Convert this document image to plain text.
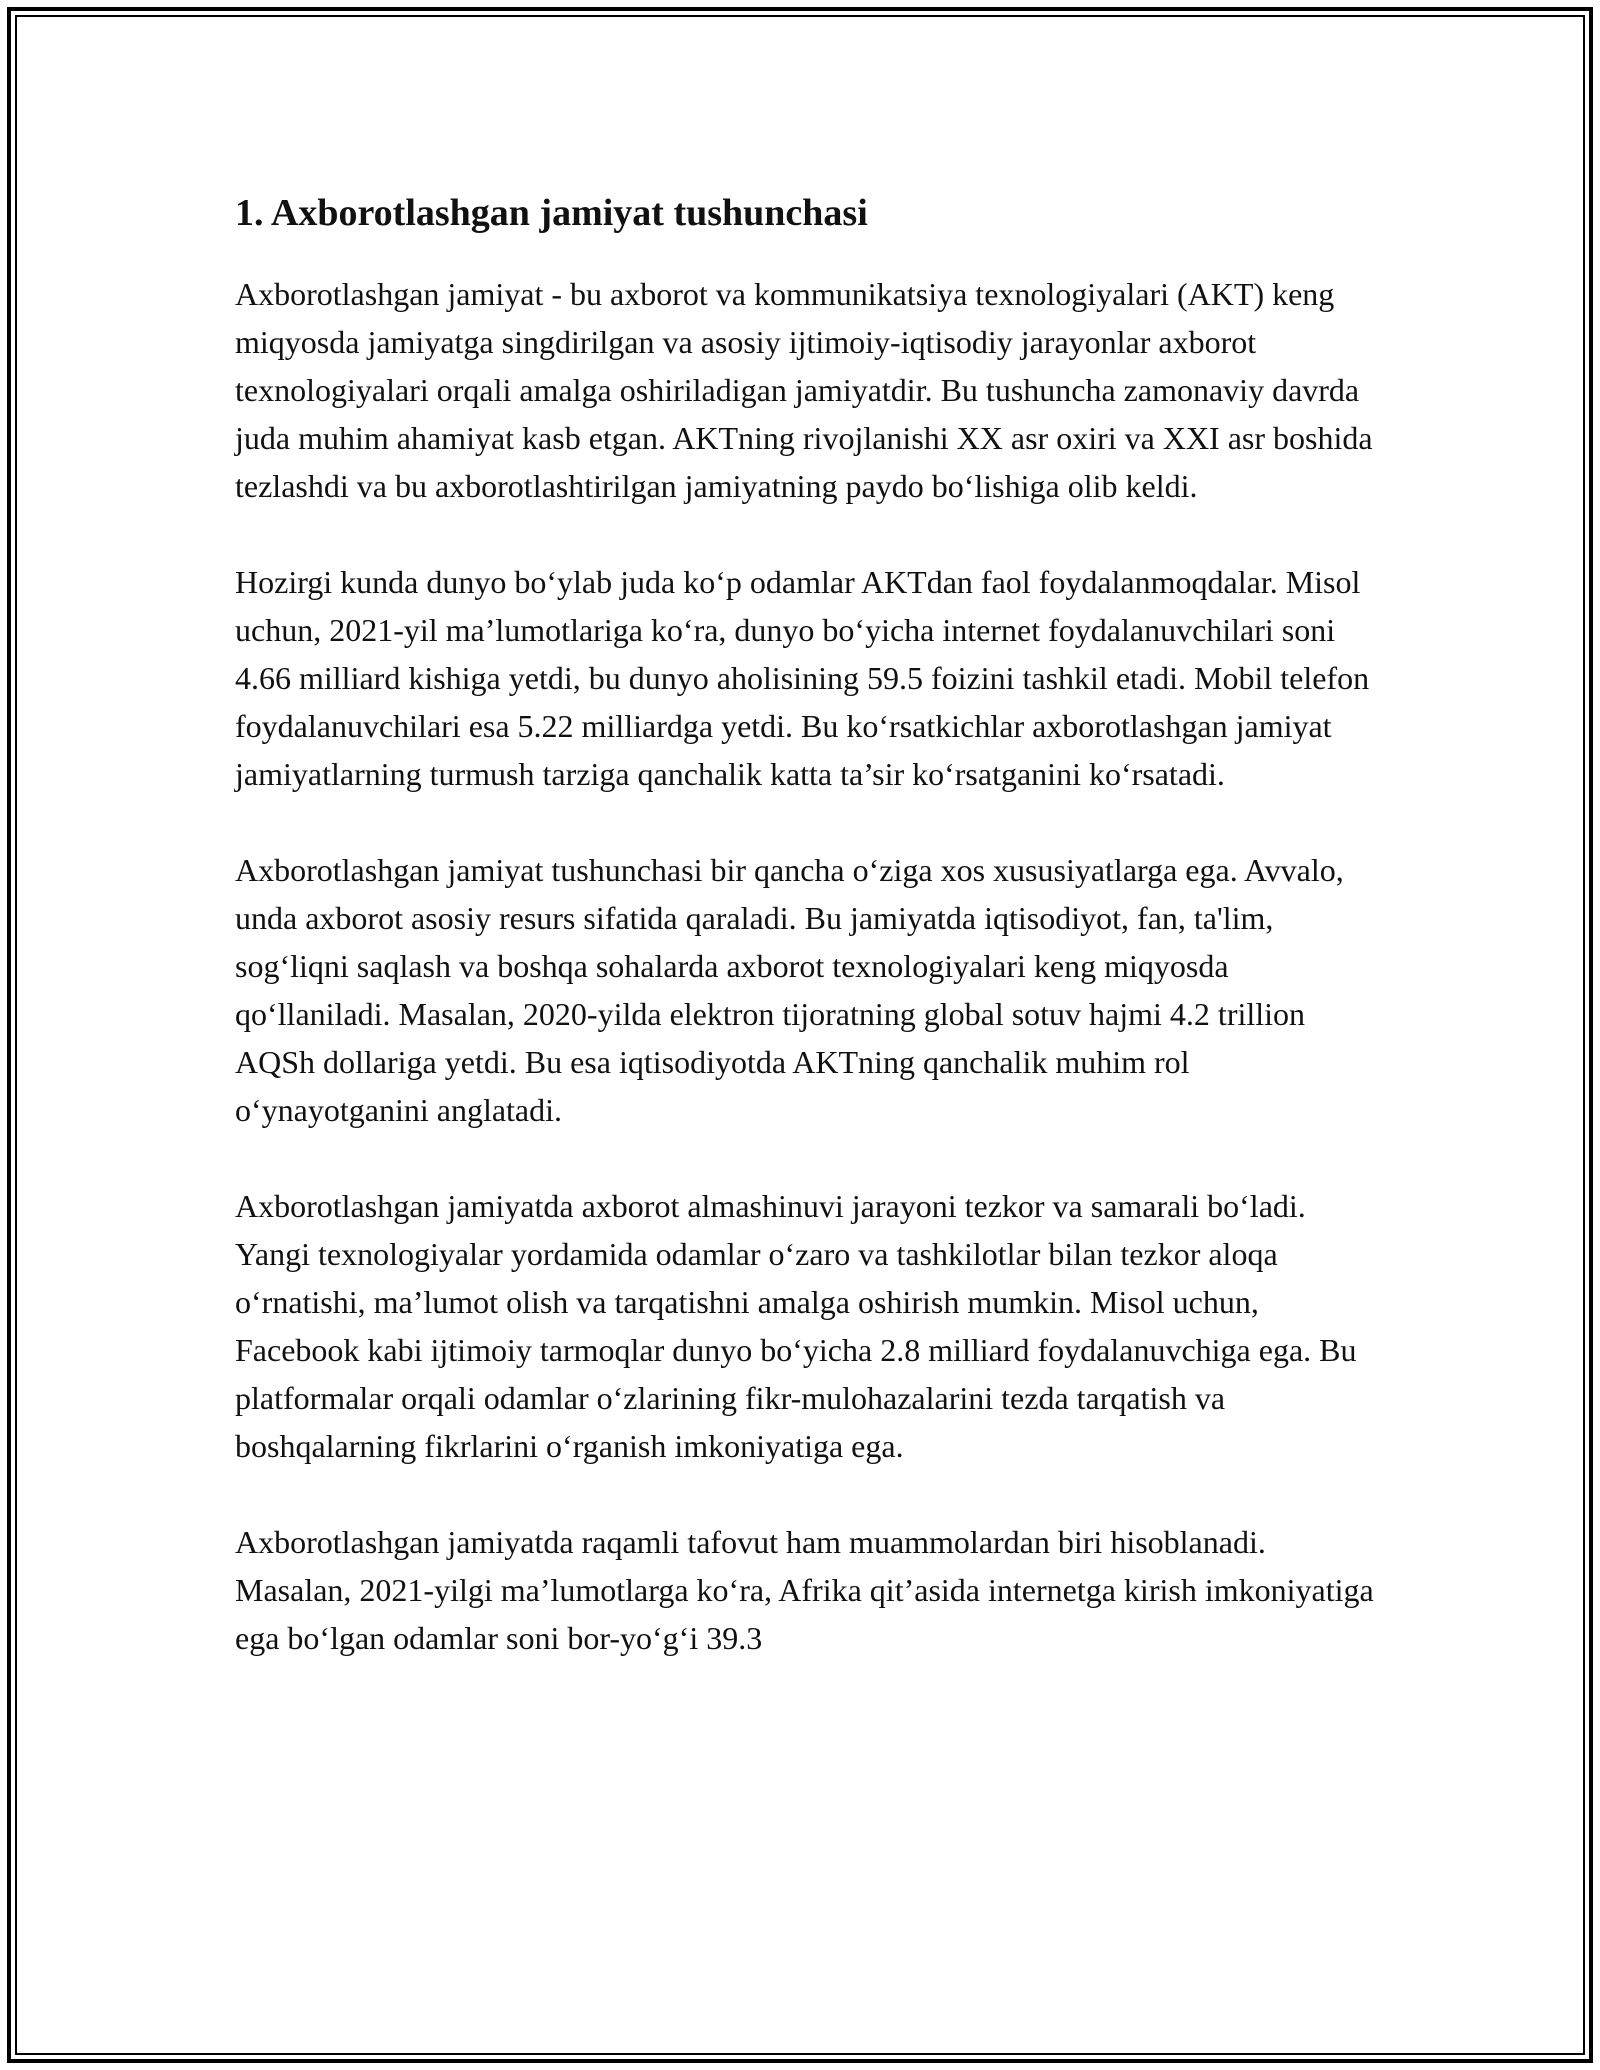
1. Axborotlashgan jamiyat tushunchasi

Axborotlashgan jamiyat - bu axborot va kommunikatsiya texnologiyalari (AKT) keng miqyosda jamiyatga singdirilgan va asosiy ijtimoiy-iqtisodiy jarayonlar axborot texnologiyalari orqali amalga oshiriladigan jamiyatdir. Bu tushuncha zamonaviy davrda juda muhim ahamiyat kasb etgan. AKTning rivojlanishi XX asr oxiri va XXI asr boshida tezlashdi va bu axborotlashtirilgan jamiyatning paydo bo‘lishiga olib keldi.

Hozirgi kunda dunyo bo‘ylab juda ko‘p odamlar AKTdan faol foydalanmoqdalar. Misol uchun, 2021-yil ma’lumotlariga ko‘ra, dunyo bo‘yicha internet foydalanuvchilari soni 4.66 milliard kishiga yetdi, bu dunyo aholisining 59.5 foizini tashkil etadi. Mobil telefon foydalanuvchilari esa 5.22 milliardga yetdi. Bu ko‘rsatkichlar axborotlashgan jamiyat jamiyatlarning turmush tarziga qanchalik katta ta’sir ko‘rsatganini ko‘rsatadi.

Axborotlashgan jamiyat tushunchasi bir qancha o‘ziga xos xususiyatlarga ega. Avvalo, unda axborot asosiy resurs sifatida qaraladi. Bu jamiyatda iqtisodiyot, fan, ta'lim, sog‘liqni saqlash va boshqa sohalarda axborot texnologiyalari keng miqyosda qo‘llaniladi. Masalan, 2020-yilda elektron tijoratning global sotuv hajmi 4.2 trillion AQSh dollariga yetdi. Bu esa iqtisodiyotda AKTning qanchalik muhim rol o‘ynayotganini anglatadi.

Axborotlashgan jamiyatda axborot almashinuvi jarayoni tezkor va samarali bo‘ladi. Yangi texnologiyalar yordamida odamlar o‘zaro va tashkilotlar bilan tezkor aloqa o‘rnatishi, ma’lumot olish va tarqatishni amalga oshirish mumkin. Misol uchun, Facebook kabi ijtimoiy tarmoqlar dunyo bo‘yicha 2.8 milliard foydalanuvchiga ega. Bu platformalar orqali odamlar o‘zlarining fikr-mulohazalarini tezda tarqatish va boshqalarning fikrlarini o‘rganish imkoniyatiga ega.

Axborotlashgan jamiyatda raqamli tafovut ham muammolardan biri hisoblanadi. Masalan, 2021-yilgi ma’lumotlarga ko‘ra, Afrika qit’asida internetga kirish imkoniyatiga ega bo‘lgan odamlar soni bor-yo‘g‘i 39.3
